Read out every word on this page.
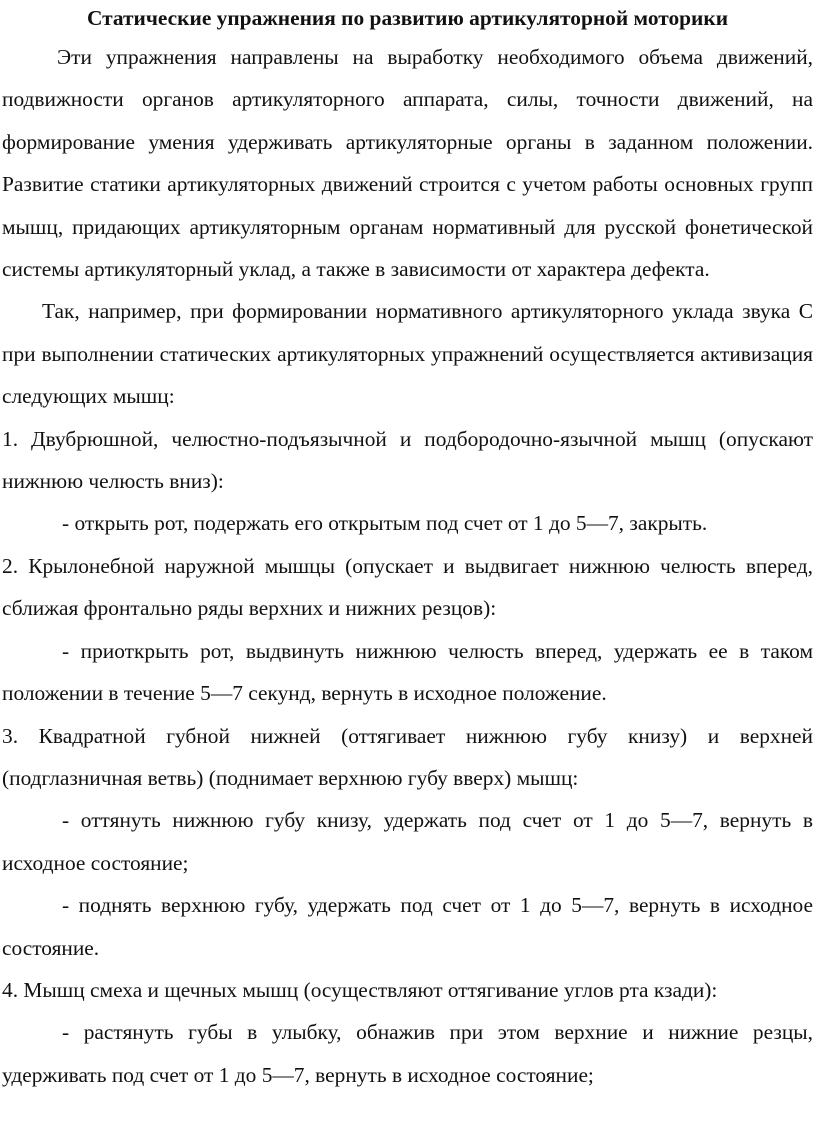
Статические упражнения по развитию артикуляторной моторики

Эти упражнения направлены на выработку необходимого объема движений, подвижности органов артикуляторного аппарата, силы, точности движений, на формирование умения удерживать артикуляторные органы в заданном положении. Развитие статики артикуляторных движений строится с учетом работы основных групп мышц, придающих артикуляторным органам нормативный для русской фонетической системы артикуляторный уклад, а также в зависимости от характера дефекта.

Так, например, при формировании нормативного артикуляторного уклада звука С при выполнении статических артикуляторных упражнений осуществляется активизация следующих мышц:

1. Двубрюшной, челюстно-подъязычной и подбородочно-язычной мышц (опускают нижнюю челюсть вниз):

- открыть рот, подержать его открытым под счет от 1 до 5—7, закрыть.

2. Крылонебной наружной мышцы (опускает и выдвигает нижнюю челюсть вперед, сближая фронтально ряды верхних и нижних резцов):

- приоткрыть рот, выдвинуть нижнюю челюсть вперед, удержать ее в таком положении в течение 5—7 секунд, вернуть в исходное положение.

3. Квадратной губной нижней (оттягивает нижнюю губу книзу) и верхней (подглазничная ветвь) (поднимает верхнюю губу вверх) мышц:

- оттянуть нижнюю губу книзу, удержать под счет от 1 до 5—7, вернуть в исходное состояние;

- поднять верхнюю губу, удержать под счет от 1 до 5—7, вернуть в исходное состояние.

4. Мышц смеха и щечных мышц (осуществляют оттягивание углов рта кзади):

- растянуть губы в улыбку, обнажив при этом верхние и нижние резцы, удерживать под счет от 1 до 5—7, вернуть в исходное состояние;
